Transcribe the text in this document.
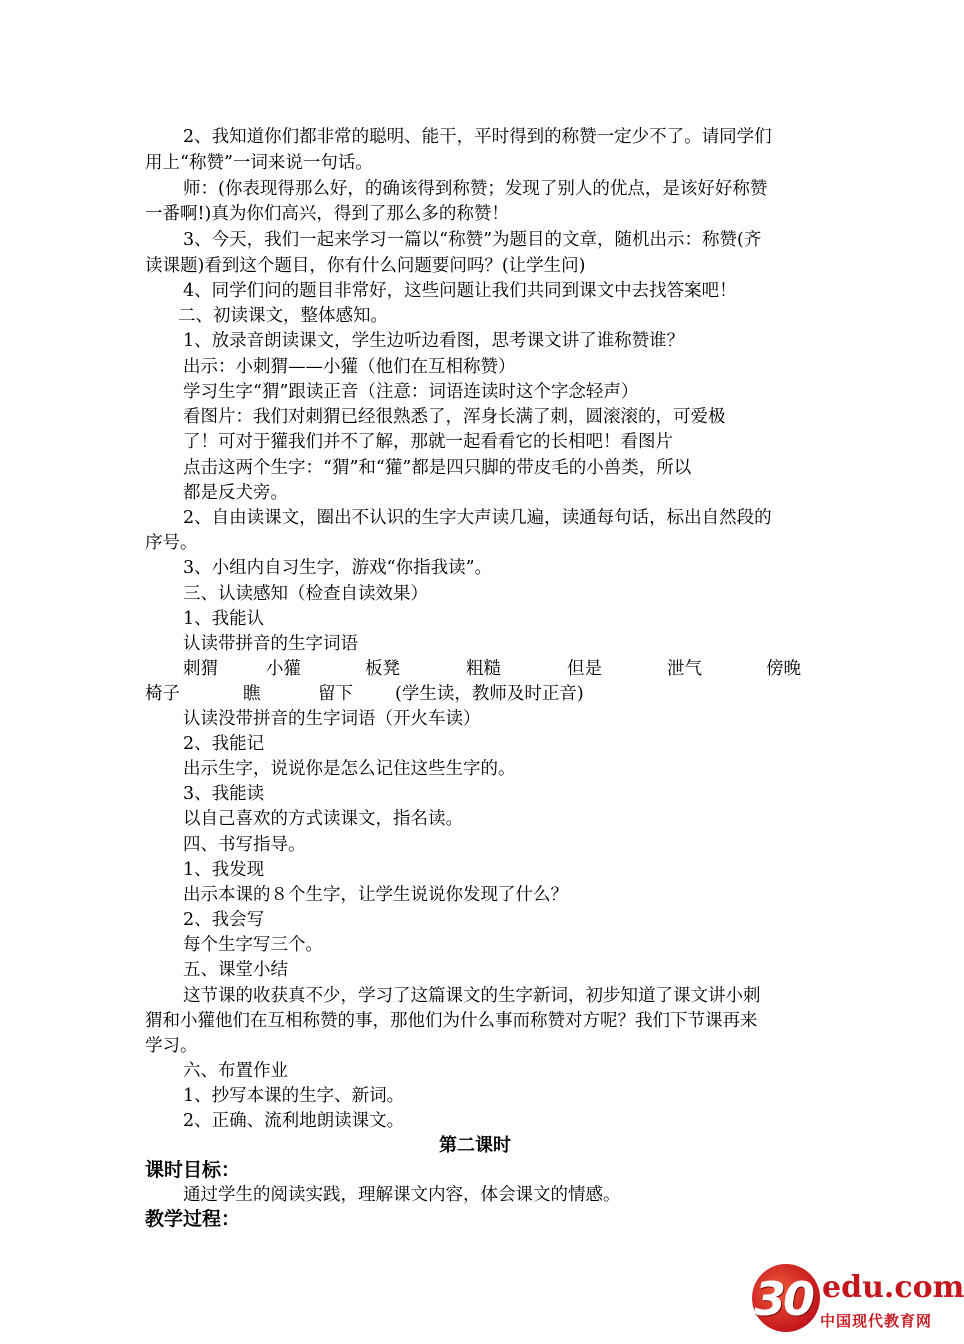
2、我知道你们都非常的聪明、能干，平时得到的称赞一定少不了。请同学们
用上“称赞”一词来说一句话。
师：(你表现得那么好，的确该得到称赞；发现了别人的优点，是该好好称赞
一番啊!)真为你们高兴，得到了那么多的称赞！
3、今天，我们一起来学习一篇以“称赞”为题目的文章，随机出示：称赞(齐
读课题)看到这个题目，你有什么问题要问吗？(让学生问)
4、同学们问的题目非常好，这些问题让我们共同到课文中去找答案吧！
二、初读课文，整体感知。
1、放录音朗读课文，学生边听边看图，思考课文讲了谁称赞谁？
出示：小刺猬——小獾（他们在互相称赞）
学习生字“猬”跟读正音（注意：词语连读时这个字念轻声）
看图片：我们对刺猬已经很熟悉了，浑身长满了刺，圆滚滚的，可爱极
了！可对于獾我们并不了解，那就一起看看它的长相吧！看图片
点击这两个生字：“猬”和“獾”都是四只脚的带皮毛的小兽类，所以
都是反犬旁。
2、自由读课文，圈出不认识的生字大声读几遍，读通每句话，标出自然段的
序号。
3、小组内自习生字，游戏“你指我读”。
三、认读感知（检查自读效果）
1、我能认
认读带拼音的生字词语
刺猬	小獾	板凳	粗糙	但是	泄气	傍晚
椅子	瞧	留下 (学生读，教师及时正音)
认读没带拼音的生字词语（开火车读）
2、我能记
出示生字，说说你是怎么记住这些生字的。
3、我能读
以自己喜欢的方式读课文，指名读。
四、书写指导。
1、我发现
出示本课的８个生字，让学生说说你发现了什么？
2、我会写
每个生字写三个。
五、课堂小结
这节课的收获真不少，学习了这篇课文的生字新词，初步知道了课文讲小刺
猬和小獾他们在互相称赞的事，那他们为什么事而称赞对方呢？我们下节课再来
学习。
六、布置作业
1、抄写本课的生字、新词。
2、正确、流利地朗读课文。
第二课时
课时目标：
通过学生的阅读实践，理解课文内容，体会课文的情感。
教学过程：
30 edu.com
中国现代教育网
